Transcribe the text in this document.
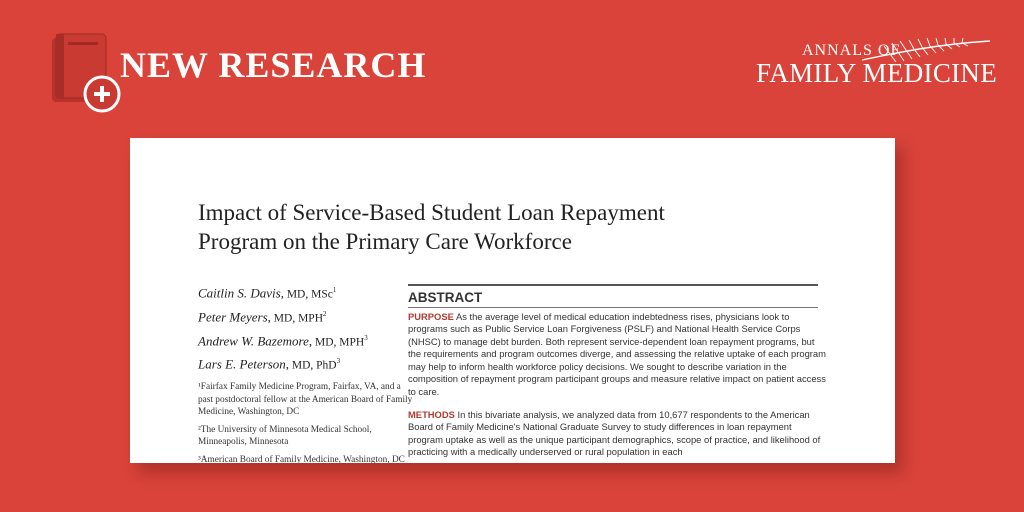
NEW RESEARCH	ANNALS OF
FAMILY MEDICINE
Impact of Service-Based Student Loan Repayment
Program on the Primary Care Workforce
Caitlin S. Davis, MD, MSc$^1$
Peter Meyers, MD, MPH$^2$
Andrew W. Bazemore, MD, MPH$^3$
Lars E. Peterson, MD, PhD$^3$
¹Fairfax Family Medicine Program, Fairfax, VA, and a past postdoctoral fellow at the American Board of Family Medicine, Washington, DC
²The University of Minnesota Medical School, Minneapolis, Minnesota
³American Board of Family Medicine, Washington, DC
ABSTRACT

PURPOSE As the average level of medical education indebtedness rises, physicians look to programs such as Public Service Loan Forgiveness (PSLF) and National Health Service Corps (NHSC) to manage debt burden. Both represent service-dependent loan repayment programs, but the requirements and program outcomes diverge, and assessing the relative uptake of each program may help to inform health workforce policy decisions. We sought to describe variation in the composition of repayment program participant groups and measure relative impact on patient access to care.

METHODS In this bivariate analysis, we analyzed data from 10,677 respondents to the American Board of Family Medicine's National Graduate Survey to study differences in loan repayment program uptake as well as the unique participant demographics, scope of practice, and likelihood of practicing with a medically underserved or rural population in each
